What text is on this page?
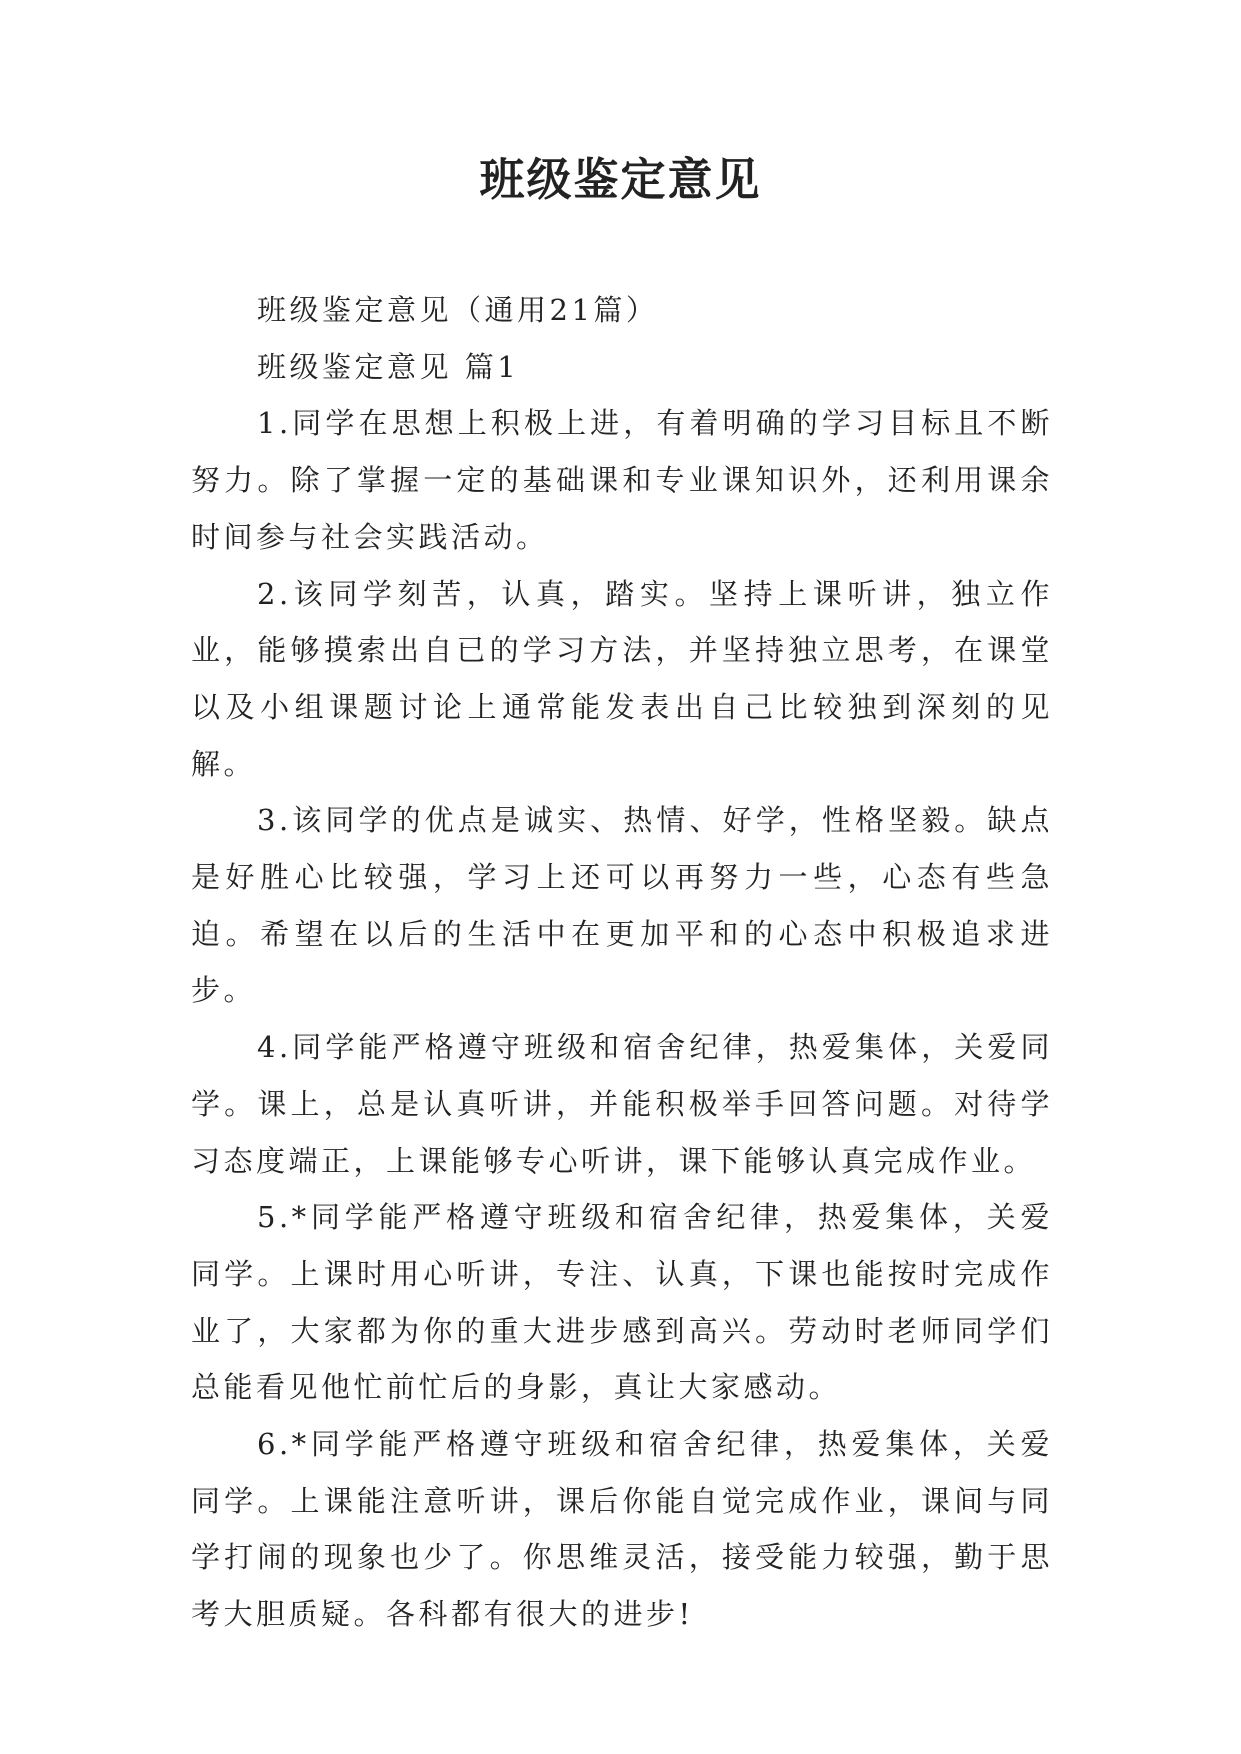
班级鉴定意见

班级鉴定意见（通用21篇）

班级鉴定意见 篇1

1.同学在思想上积极上进，有着明确的学习目标且不断努力。除了掌握一定的基础课和专业课知识外，还利用课余时间参与社会实践活动。

2.该同学刻苦，认真，踏实。坚持上课听讲，独立作业，能够摸索出自已的学习方法，并坚持独立思考，在课堂以及小组课题讨论上通常能发表出自己比较独到深刻的见解。

3.该同学的优点是诚实、热情、好学，性格坚毅。缺点是好胜心比较强，学习上还可以再努力一些，心态有些急迫。希望在以后的生活中在更加平和的心态中积极追求进步。

4.同学能严格遵守班级和宿舍纪律，热爱集体，关爱同学。课上，总是认真听讲，并能积极举手回答问题。对待学习态度端正，上课能够专心听讲，课下能够认真完成作业。

5.*同学能严格遵守班级和宿舍纪律，热爱集体，关爱同学。上课时用心听讲，专注、认真，下课也能按时完成作业了，大家都为你的重大进步感到高兴。劳动时老师同学们总能看见他忙前忙后的身影，真让大家感动。

6.*同学能严格遵守班级和宿舍纪律，热爱集体，关爱同学。上课能注意听讲，课后你能自觉完成作业，课间与同学打闹的现象也少了。你思维灵活，接受能力较强，勤于思考大胆质疑。各科都有很大的进步!
